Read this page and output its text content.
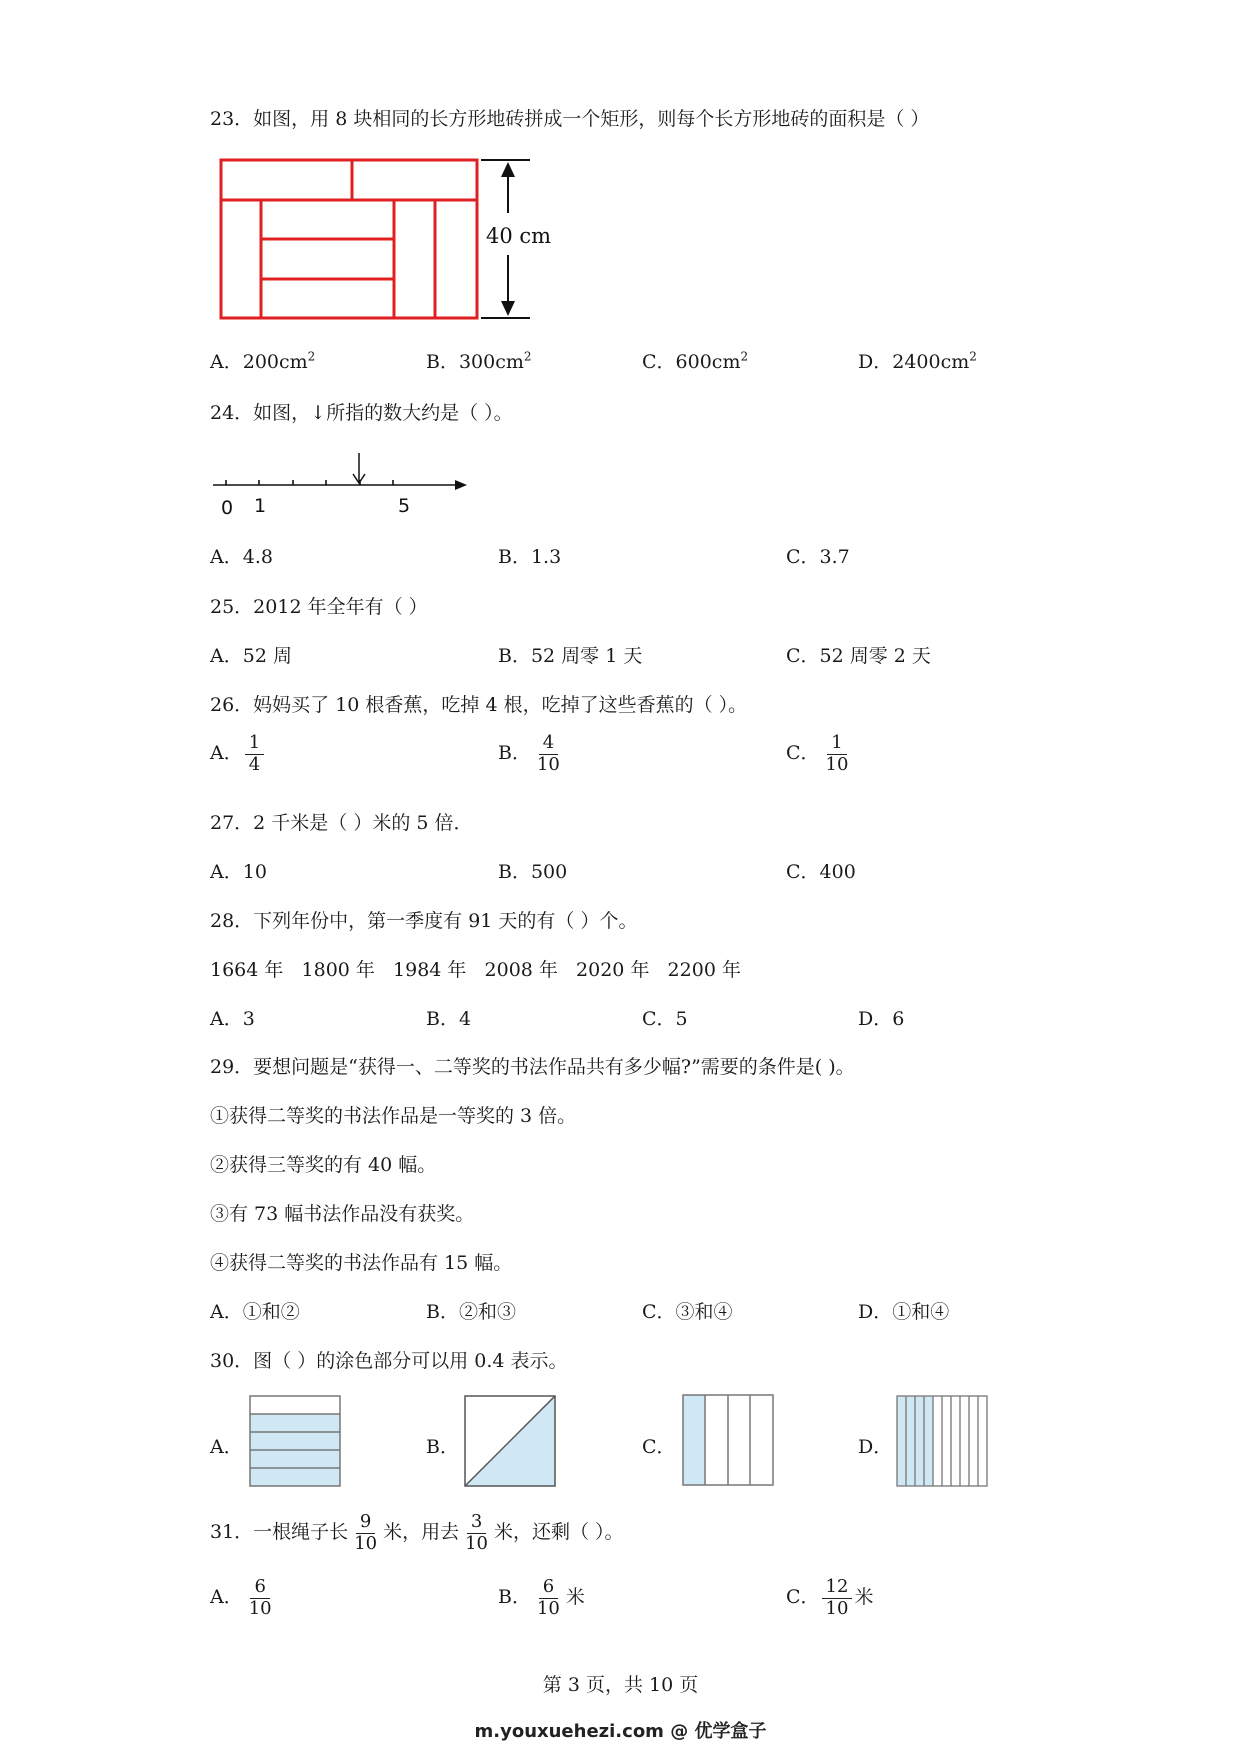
23．如图，用 8 块相同的长方形地砖拼成一个矩形，则每个长方形地砖的面积是（ ）
40 cm
A．$200cm^2$	B．$300cm^2$	C．$600cm^2$	D．$2400cm^2$
24．如图，↓所指的数大约是（ ）。
0 1	5
A．4.8	B．1.3	C．3.7
25．2012 年全年有（ ）
A．52 周	B．52 周零 1 天	C．52 周零 2 天
26．妈妈买了 10 根香蕉，吃掉 4 根，吃掉了这些香蕉的（ ）。
A． $\frac{1}{4}$	B． $\frac{4}{10}$	C． $\frac{1}{10}$
27．2 千米是（ ）米的 5 倍．
A．10	B．500	C．400
28．下列年份中，第一季度有 91 天的有（ ）个。
1664 年   1800 年   1984 年   2008 年   2020 年   2200 年
A．3	B．4	C．5	D．6
29．要想问题是“获得一、二等奖的书法作品共有多少幅?”需要的条件是( )。
①获得二等奖的书法作品是一等奖的 3 倍。
②获得三等奖的有 40 幅。
③有 73 幅书法作品没有获奖。
④获得二等奖的书法作品有 15 幅。
A．①和②	B．②和③	C．③和④	D．①和④
30．图（ ）的涂色部分可以用 0.4 表示。
A．	B．	C．	D．
31．一根绳子长 $\frac{9}{10}$ 米，用去 $\frac{3}{10}$ 米，还剩（ ）。
A． $\frac{6}{10}$	B． $\frac{6}{10}$ 米	C． $\frac{12}{10}$ 米
第 3 页，共 10 页
m.youxuehezi.com @ 优学盒子
